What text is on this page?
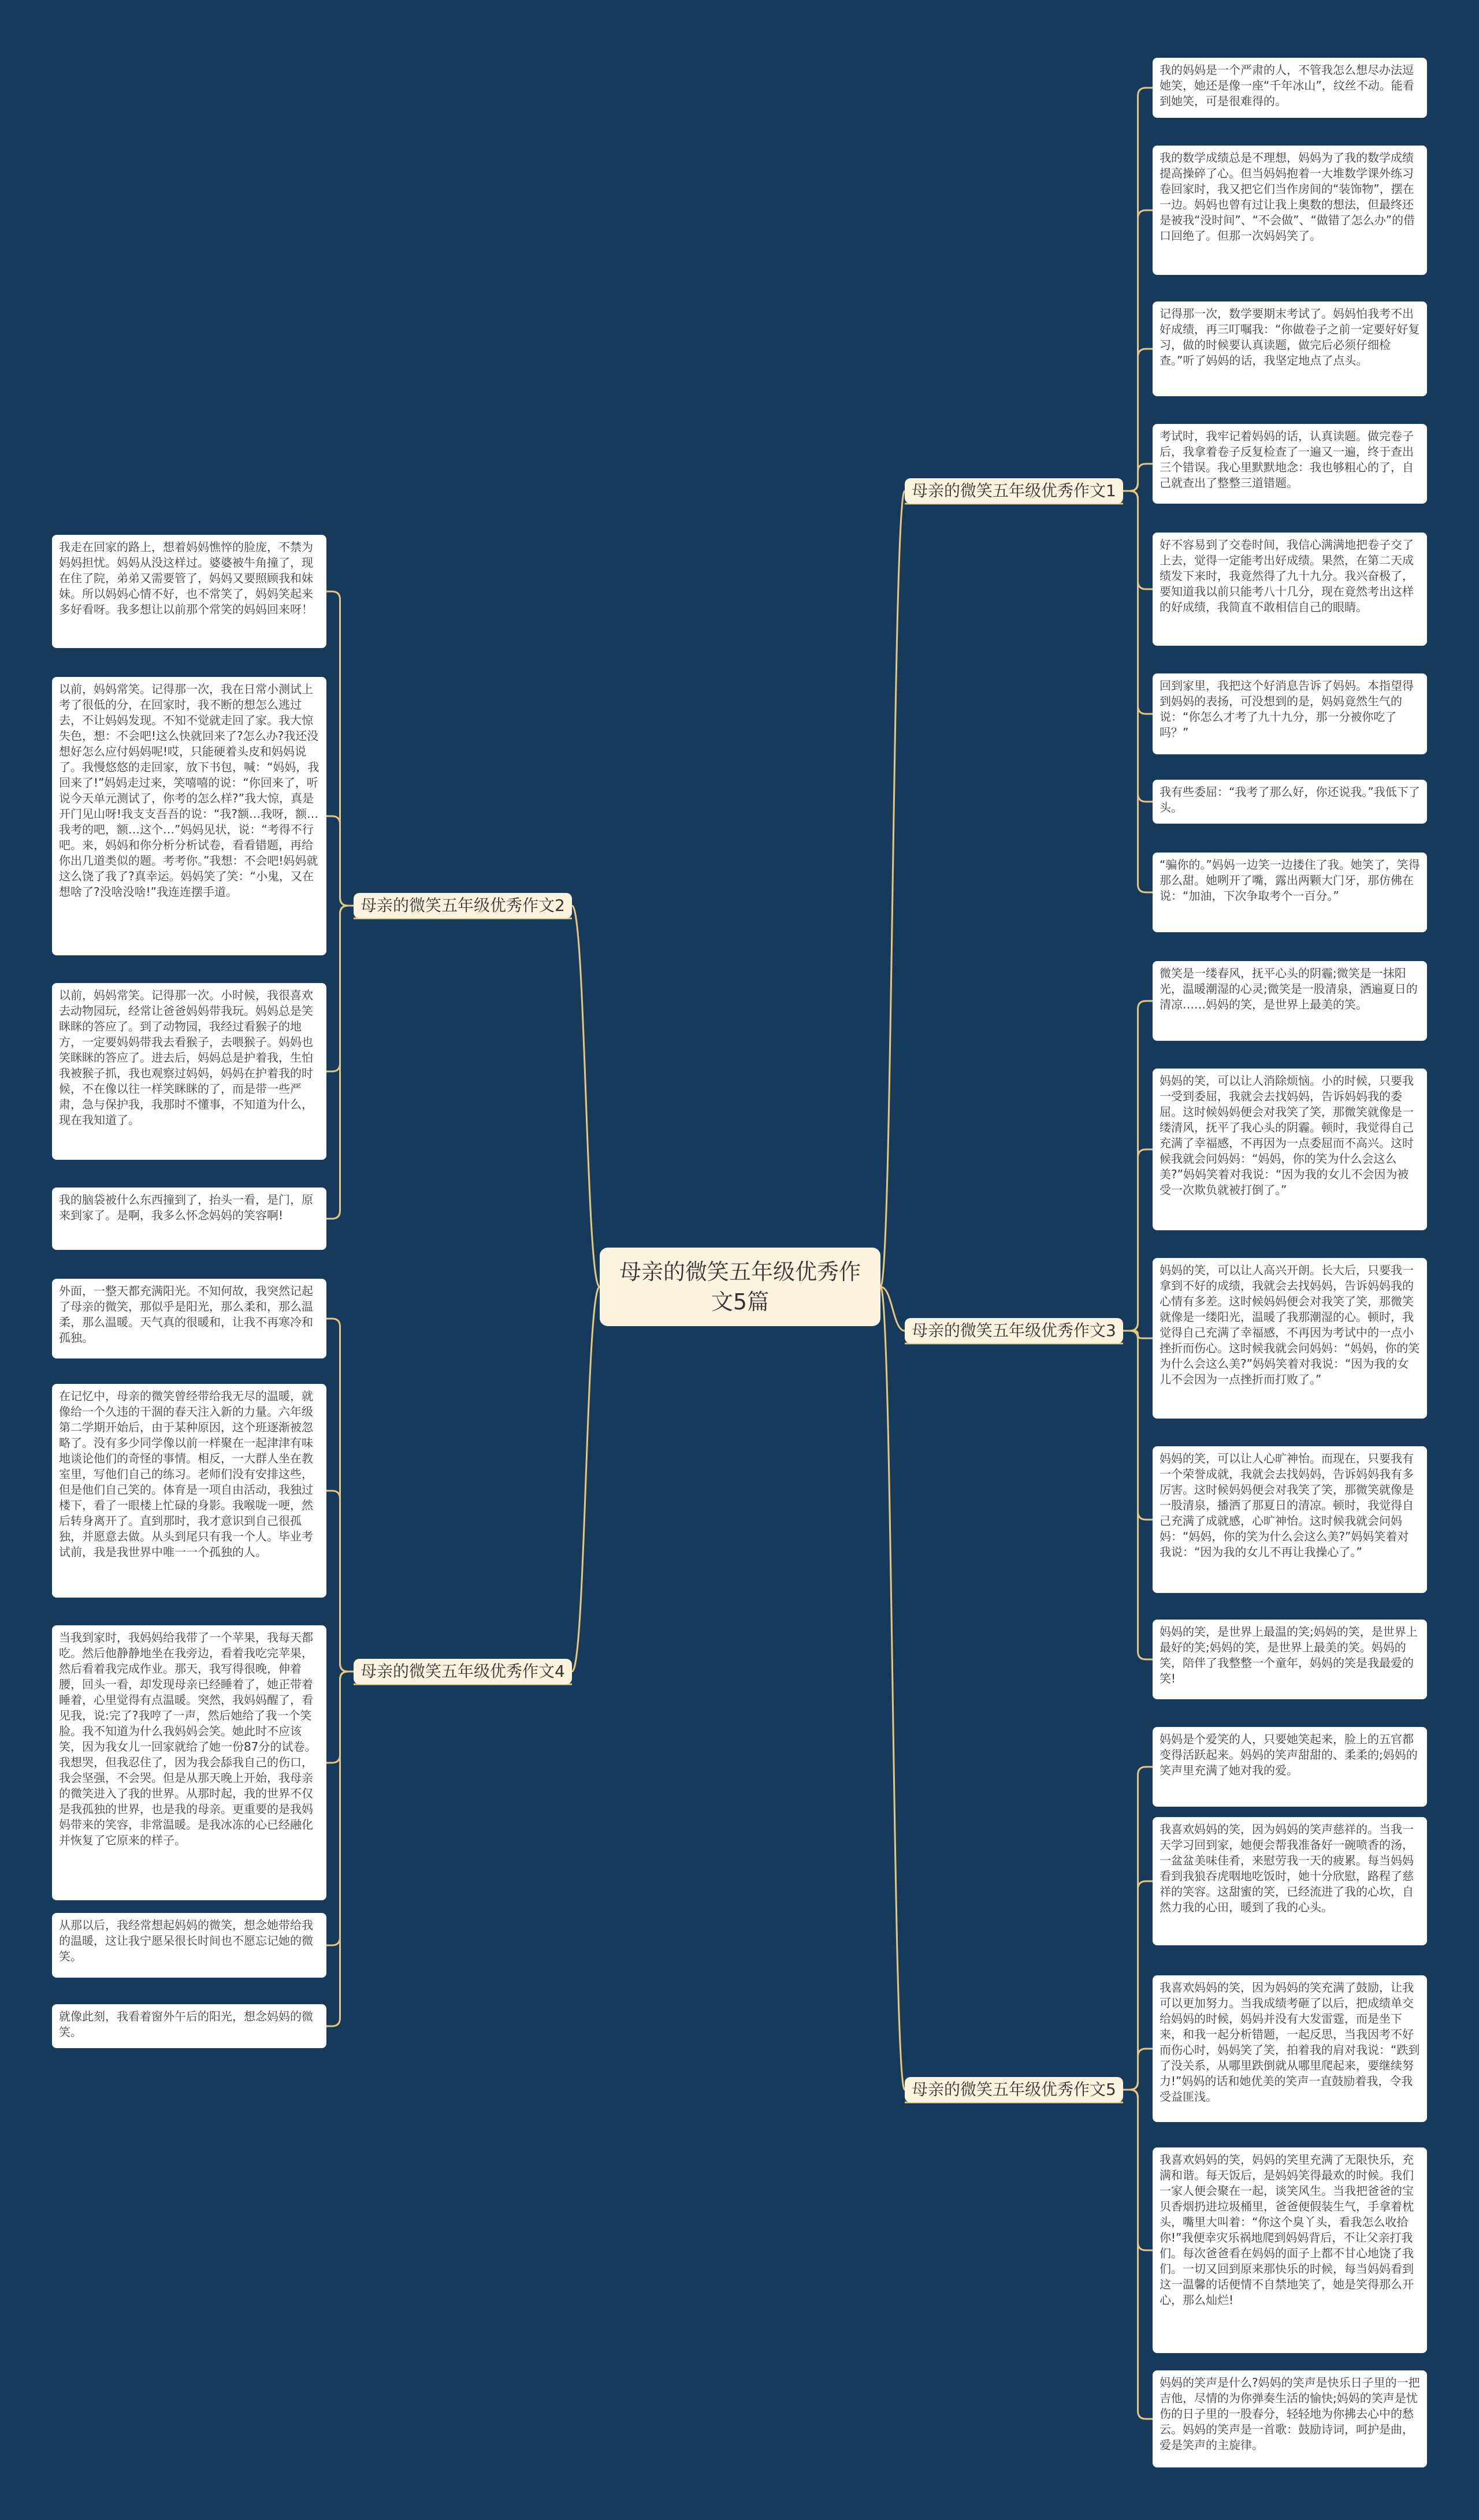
母亲的微笑五年级优秀作文5篇
母亲的微笑五年级优秀作文1
我的妈妈是一个严肃的人，不管我怎么想尽办法逗她笑，她还是像一座“千年冰山”，纹丝不动。能看到她笑，可是很难得的。
我的数学成绩总是不理想，妈妈为了我的数学成绩提高操碎了心。但当妈妈抱着一大堆数学课外练习卷回家时，我又把它们当作房间的“装饰物”，摆在一边。妈妈也曾有过让我上奥数的想法，但最终还是被我“没时间”、“不会做”、“做错了怎么办”的借口回绝了。但那一次妈妈笑了。
记得那一次，数学要期末考试了。妈妈怕我考不出好成绩，再三叮嘱我：“你做卷子之前一定要好好复习，做的时候要认真读题，做完后必须仔细检查。”听了妈妈的话，我坚定地点了点头。
考试时，我牢记着妈妈的话，认真读题。做完卷子后，我拿着卷子反复检查了一遍又一遍，终于查出三个错误。我心里默默地念：我也够粗心的了，自己就查出了整整三道错题。
好不容易到了交卷时间，我信心满满地把卷子交了上去，觉得一定能考出好成绩。果然，在第二天成绩发下来时，我竟然得了九十九分。我兴奋极了，要知道我以前只能考八十几分，现在竟然考出这样的好成绩，我简直不敢相信自己的眼睛。
回到家里，我把这个好消息告诉了妈妈。本指望得到妈妈的表扬，可没想到的是，妈妈竟然生气的说：“你怎么才考了九十九分，那一分被你吃了吗？”
我有些委屈：“我考了那么好，你还说我。”我低下了头。
“骗你的。”妈妈一边笑一边搂住了我。她笑了，笑得那么甜。她咧开了嘴，露出两颗大门牙，那仿佛在说：“加油，下次争取考个一百分。”
母亲的微笑五年级优秀作文2
我走在回家的路上，想着妈妈憔悴的脸庞，不禁为妈妈担忧。妈妈从没这样过。婆婆被牛角撞了，现在住了院，弟弟又需要管了，妈妈又要照顾我和妹妹。所以妈妈心情不好，也不常笑了，妈妈笑起来多好看呀。我多想让以前那个常笑的妈妈回来呀！
以前，妈妈常笑。记得那一次，我在日常小测试上考了很低的分，在回家时，我不断的想怎么逃过去，不让妈妈发现。不知不觉就走回了家。我大惊失色，想：不会吧!这么快就回来了?怎么办?我还没想好怎么应付妈妈呢!哎，只能硬着头皮和妈妈说了。我慢悠悠的走回家，放下书包，喊：“妈妈，我回来了!”妈妈走过来，笑嘻嘻的说：“你回来了，听说今天单元测试了，你考的怎么样?”我大惊，真是开门见山呀!我支支吾吾的说：“我?额…我呀，额…我考的吧，额…这个…”妈妈见状，说：“考得不行吧。来，妈妈和你分析分析试卷，看看错题，再给你出几道类似的题。考考你。”我想：不会吧!妈妈就这么饶了我了?真幸运。妈妈笑了笑：“小鬼，又在想啥了?没啥没啥!”我连连摆手道。
以前，妈妈常笑。记得那一次。小时候，我很喜欢去动物园玩，经常让爸爸妈妈带我玩。妈妈总是笑眯眯的答应了。到了动物园，我经过看猴子的地方，一定要妈妈带我去看猴子，去喂猴子。妈妈也笑眯眯的答应了。进去后，妈妈总是护着我，生怕我被猴子抓，我也观察过妈妈，妈妈在护着我的时候，不在像以往一样笑眯眯的了，而是带一些严肃，急与保护我，我那时不懂事，不知道为什么，现在我知道了。
我的脑袋被什么东西撞到了，抬头一看，是门，原来到家了。是啊，我多么怀念妈妈的笑容啊!
母亲的微笑五年级优秀作文3
微笑是一缕春风，抚平心头的阴霾;微笑是一抹阳光，温暖潮湿的心灵;微笑是一股清泉，洒遍夏日的清凉……妈妈的笑，是世界上最美的笑。
妈妈的笑，可以让人消除烦恼。小的时候，只要我一受到委屈，我就会去找妈妈，告诉妈妈我的委屈。这时候妈妈便会对我笑了笑，那微笑就像是一缕清风，抚平了我心头的阴霾。顿时，我觉得自己充满了幸福感，不再因为一点委屈而不高兴。这时候我就会问妈妈：“妈妈，你的笑为什么会这么美?”妈妈笑着对我说：“因为我的女儿不会因为被受一次欺负就被打倒了。”
妈妈的笑，可以让人高兴开朗。长大后，只要我一拿到不好的成绩，我就会去找妈妈，告诉妈妈我的心情有多差。这时候妈妈便会对我笑了笑，那微笑就像是一缕阳光，温暖了我那潮湿的心。顿时，我觉得自己充满了幸福感，不再因为考试中的一点小挫折而伤心。这时候我就会问妈妈：“妈妈，你的笑为什么会这么美?”妈妈笑着对我说：“因为我的女儿不会因为一点挫折而打败了。”
妈妈的笑，可以让人心旷神怡。而现在，只要我有一个荣誉成就，我就会去找妈妈，告诉妈妈我有多厉害。这时候妈妈便会对我笑了笑，那微笑就像是一股清泉，播洒了那夏日的清凉。顿时，我觉得自己充满了成就感，心旷神怡。这时候我就会问妈妈：“妈妈，你的笑为什么会这么美?”妈妈笑着对我说：“因为我的女儿不再让我操心了。”
妈妈的笑，是世界上最温的笑;妈妈的笑，是世界上最好的笑;妈妈的笑，是世界上最美的笑。妈妈的笑，陪伴了我整整一个童年，妈妈的笑是我最爱的笑!
母亲的微笑五年级优秀作文4
外面，一整天都充满阳光。不知何故，我突然记起了母亲的微笑，那似乎是阳光，那么柔和，那么温柔，那么温暖。天气真的很暖和，让我不再寒冷和孤独。
在记忆中，母亲的微笑曾经带给我无尽的温暖，就像给一个久违的干涸的春天注入新的力量。六年级第二学期开始后，由于某种原因，这个班逐渐被忽略了。没有多少同学像以前一样聚在一起津津有味地谈论他们的奇怪的事情。相反，一大群人坐在教室里，写他们自己的练习。老师们没有安排这些，但是他们自己笑的。体育是一项自由活动，我独过楼下，看了一眼楼上忙碌的身影。我喉咙一哽，然后转身离开了。直到那时，我才意识到自己很孤独，并愿意去做。从头到尾只有我一个人。毕业考试前，我是我世界中唯一一个孤独的人。
当我到家时，我妈妈给我带了一个苹果，我每天都吃。然后他静静地坐在我旁边，看着我吃完苹果，然后看着我完成作业。那天，我写得很晚，伸着腰，回头一看，却发现母亲已经睡着了，她正带着睡着，心里觉得有点温暖。突然，我妈妈醒了，看见我，说:完了?我哼了一声，然后她给了我一个笑脸。我不知道为什么我妈妈会笑。她此时不应该笑，因为我女儿一回家就给了她一份87分的试卷。我想哭，但我忍住了，因为我会舔我自己的伤口，我会坚强，不会哭。但是从那天晚上开始，我母亲的微笑进入了我的世界。从那时起，我的世界不仅是我孤独的世界，也是我的母亲。更重要的是我妈妈带来的笑容，非常温暖。是我冰冻的心已经融化并恢复了它原来的样子。
从那以后，我经常想起妈妈的微笑，想念她带给我的温暖，这让我宁愿呆很长时间也不愿忘记她的微笑。
就像此刻，我看着窗外午后的阳光，想念妈妈的微笑。
母亲的微笑五年级优秀作文5
妈妈是个爱笑的人，只要她笑起来，脸上的五官都变得活跃起来。妈妈的笑声甜甜的、柔柔的;妈妈的笑声里充满了她对我的爱。
我喜欢妈妈的笑，因为妈妈的笑声慈祥的。当我一天学习回到家，她便会帮我准备好一碗喷香的汤，一盆盆美味佳肴，来慰劳我一天的疲累。每当妈妈看到我狼吞虎咽地吃饭时，她十分欣慰，路程了慈祥的笑容。这甜蜜的笑，已经流进了我的心坎，自然力我的心田，暖到了我的心头。
我喜欢妈妈的笑，因为妈妈的笑充满了鼓励，让我可以更加努力。当我成绩考砸了以后，把成绩单交给妈妈的时候，妈妈并没有大发雷霆，而是坐下来，和我一起分析错题，一起反思，当我因考不好而伤心时，妈妈笑了笑，拍着我的肩对我说：“跌到了没关系，从哪里跌倒就从哪里爬起来，要继续努力!”妈妈的话和她优美的笑声一直鼓励着我，令我受益匪浅。
我喜欢妈妈的笑，妈妈的笑里充满了无限快乐，充满和谐。每天饭后，是妈妈笑得最欢的时候。我们一家人便会聚在一起，谈笑风生。当我把爸爸的宝贝香烟扔进垃圾桶里，爸爸便假装生气，手拿着枕头，嘴里大叫着：“你这个臭丫头，看我怎么收拾你!”我便幸灾乐祸地爬到妈妈背后，不让父亲打我们。每次爸爸看在妈妈的面子上都不甘心地饶了我们。一切又回到原来那快乐的时候，每当妈妈看到这一温馨的话便情不自禁地笑了，她是笑得那么开心，那么灿烂!
妈妈的笑声是什么?妈妈的笑声是快乐日子里的一把吉他，尽情的为你弹奏生活的愉快;妈妈的笑声是忧伤的日子里的一股春分，轻轻地为你拂去心中的愁云。妈妈的笑声是一首歌：鼓励诗词，呵护是曲，爱是笑声的主旋律。
